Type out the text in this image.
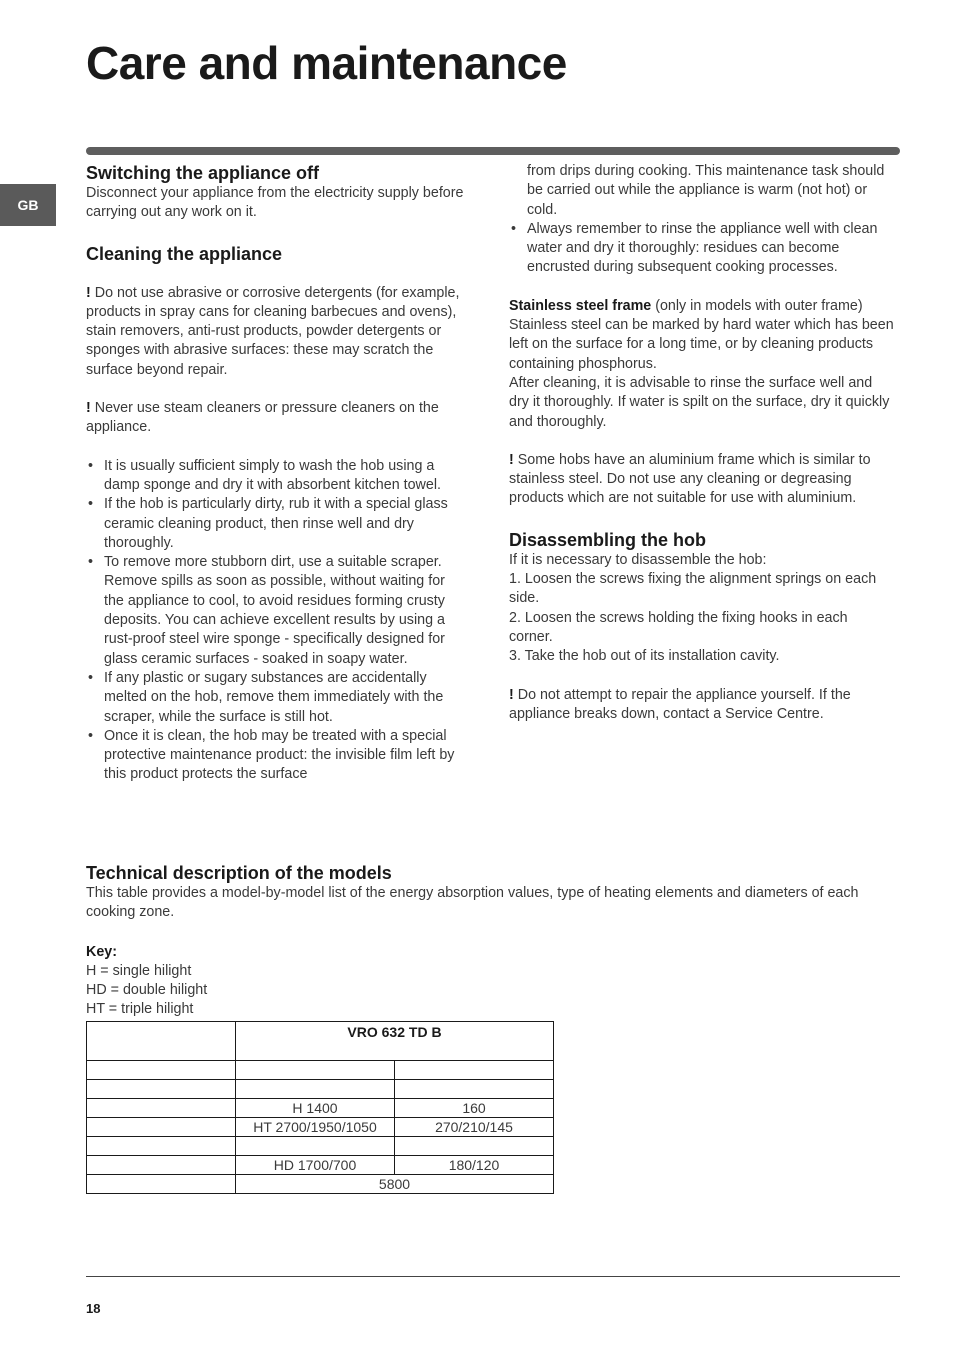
Care and maintenance
GB
Switching the appliance off

Disconnect your appliance from the electricity supply before carrying out any work on it.

Cleaning the appliance

! Do not use abrasive or corrosive detergents (for example, products in spray cans for cleaning barbecues and ovens), stain removers, anti-rust products, powder detergents or sponges with abrasive surfaces: these may scratch the surface beyond repair.

! Never use steam cleaners or pressure cleaners on the appliance.

• It is usually sufficient simply to wash the hob using a damp sponge and dry it with absorbent kitchen towel.
• If the hob is particularly dirty, rub it with a special glass ceramic cleaning product, then rinse well and dry thoroughly.
• To remove more stubborn dirt, use a suitable scraper. Remove spills as soon as possible, without waiting for the appliance to cool, to avoid residues forming crusty deposits. You can achieve excellent results by using a rust-proof steel wire sponge - specifically designed for glass ceramic surfaces - soaked in soapy water.
• If any plastic or sugary substances are accidentally melted on the hob, remove them immediately with the scraper, while the surface is still hot.
• Once it is clean, the hob may be treated with a special protective maintenance product: the invisible film left by this product protects the surface

from drips during cooking. This maintenance task should be carried out while the appliance is warm (not hot) or cold.

• Always remember to rinse the appliance well with clean water and dry it thoroughly: residues can become encrusted during subsequent cooking processes.

Stainless steel frame (only in models with outer frame)

Stainless steel can be marked by hard water which has been left on the surface for a long time, or by cleaning products containing phosphorus.

After cleaning, it is advisable to rinse the surface well and dry it thoroughly. If water is spilt on the surface, dry it quickly and thoroughly.

! Some hobs have an aluminium frame which is similar to stainless steel. Do not use any cleaning or degreasing products which are not suitable for use with aluminium.

Disassembling the hob

If it is necessary to disassemble the hob:

1. Loosen the screws fixing the alignment springs on each side.

2. Loosen the screws holding the fixing hooks in each corner.

3. Take the hob out of its installation cavity.

! Do not attempt to repair the appliance yourself. If the appliance breaks down, contact a Service Centre.

Technical description of the models

This table provides a model-by-model list of the energy absorption values, type of heating elements and diameters of each cooking zone.

Key:

H = single hilight

HD = double hilight

HT = triple hilight

	VRO 632 TD B	

	H 1400	160
	HT 2700/1950/1050	270/210/145

	HD 1700/700	180/120
	5800	
18
